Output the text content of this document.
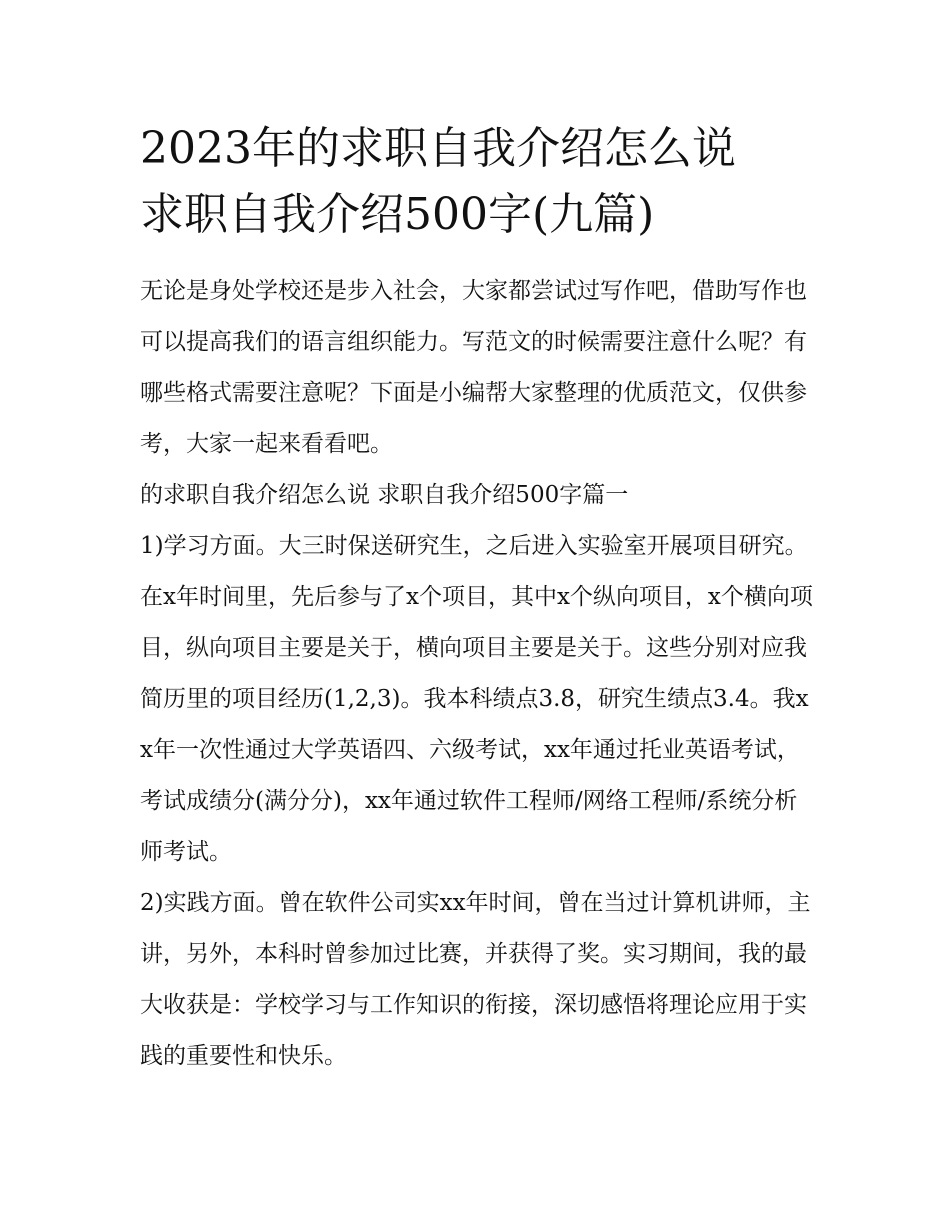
2023年的求职自我介绍怎么说
求职自我介绍500字(九篇)

无论是身处学校还是步入社会，大家都尝试过写作吧，借助写作也可以提高我们的语言组织能力。写范文的时候需要注意什么呢？有哪些格式需要注意呢？下面是小编帮大家整理的优质范文，仅供参考，大家一起来看看吧。

的求职自我介绍怎么说 求职自我介绍500字篇一

1)学习方面。大三时保送研究生，之后进入实验室开展项目研究。在x年时间里，先后参与了x个项目，其中x个纵向项目，x个横向项目，纵向项目主要是关于，横向项目主要是关于。这些分别对应我简历里的项目经历(1,2,3)。我本科绩点3.8，研究生绩点3.4。我xx年一次性通过大学英语四、六级考试，xx年通过托业英语考试，考试成绩分(满分分)，xx年通过软件工程师/网络工程师/系统分析师考试。

2)实践方面。曾在软件公司实xx年时间，曾在当过计算机讲师，主讲，另外，本科时曾参加过比赛，并获得了奖。实习期间，我的最大收获是：学校学习与工作知识的衔接，深切感悟将理论应用于实践的重要性和快乐。
